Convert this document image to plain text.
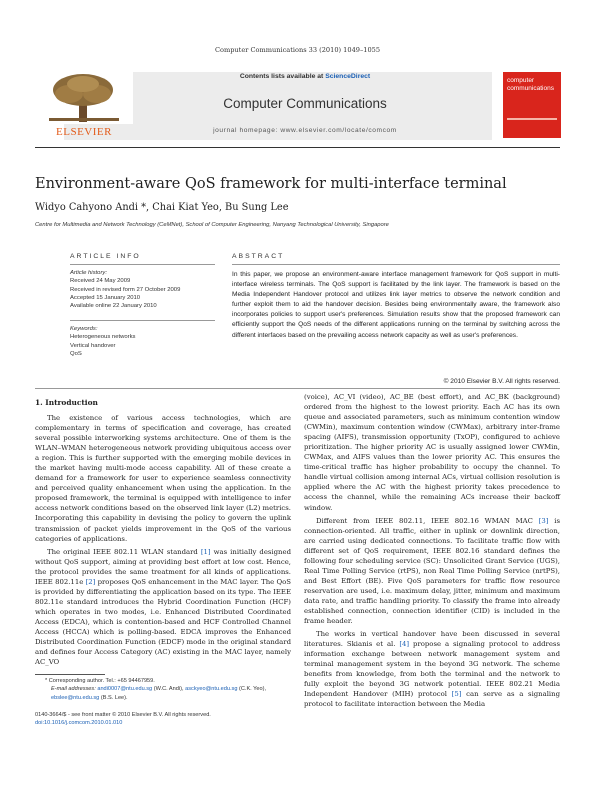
Computer Communications 33 (2010) 1049–1055
Contents lists available at ScienceDirect
Computer Communications
journal homepage: www.elsevier.com/locate/comcom
ELSEVIER
computer
communications
Environment-aware QoS framework for multi-interface terminal
Widyo Cahyono Andi *, Chai Kiat Yeo, Bu Sung Lee
Centre for Multimedia and Network Technology (CeMNet), School of Computer Engineering, Nanyang Technological University, Singapore
ARTICLE INFO	ABSTRACT
Article history:
Received 24 May 2009
Received in revised form 27 October 2009
Accepted 15 January 2010
Available online 22 January 2010
Keywords:
Heterogeneous networks
Vertical handover
QoS
In this paper, we propose an environment-aware interface management framework for QoS support in multi-interface wireless terminals. The QoS support is facilitated by the link layer. The framework is based on the Media Independent Handover protocol and utilizes link layer metrics to observe the network condition and further exploit them to aid the handover decision. Besides being environmentally aware, the framework also incorporates policies to support user's preferences. Simulation results show that the proposed framework can efficiently support the QoS needs of the different applications running on the terminal by switching across the different interfaces based on the prevailing access network capacity as well as user's preferences.
© 2010 Elsevier B.V. All rights reserved.
1. Introduction

The existence of various access technologies, which are complementary in terms of specification and coverage, has created several possible interworking systems architecture. One of them is the WLAN–WMAN heterogeneous network providing ubiquitous access over a region. This is further supported with the emerging mobile devices in the market having multi-mode access capability. All of these create a demand for a framework for user to experience seamless connectivity and perceived quality enhancement when using the application. In the proposed framework, the terminal is equipped with intelligence to infer access network conditions based on the observed link layer (L2) metrics. Incorporating this capability in devising the policy to govern the uplink transmission of packet yields improvement in the QoS of the various categories of applications.

The original IEEE 802.11 WLAN standard [1] was initially designed without QoS support, aiming at providing best effort at low cost. Hence, the protocol provides the same treatment for all kinds of applications. IEEE 802.11e [2] proposes QoS enhancement in the MAC layer. The QoS is provided by differentiating the application based on its type. The IEEE 802.11e standard introduces the Hybrid Coordination Function (HCF) which operates in two modes, i.e. Enhanced Distributed Coordinated Access (EDCA), which is contention-based and HCF Controlled Channel Access (HCCA) which is polling-based. EDCA improves the Enhanced Distributed Coordination Function (EDCF) mode in the original standard and defines four Access Category (AC) existing in the MAC layer, namely AC_VO

(voice), AC_VI (video), AC_BE (best effort), and AC_BK (background) ordered from the highest to the lowest priority. Each AC has its own queue and associated parameters, such as minimum contention window (CWMin), maximum contention window (CWMax), arbitrary inter-frame spacing (AIFS), transmission opportunity (TxOP), configured to achieve prioritization. The higher priority AC is usually assigned lower CWMin, CWMax, and AIFS values than the lower priority AC. This ensures the time-critical traffic has higher probability to occupy the channel. To handle virtual collision among internal ACs, virtual collision resolution is applied where the AC with the highest priority takes precedence to access the channel, while the remaining ACs increase their backoff window.

Different from IEEE 802.11, IEEE 802.16 WMAN MAC [3] is connection-oriented. All traffic, either in uplink or downlink direction, are carried using dedicated connections. To facilitate traffic flow with different set of QoS requirement, IEEE 802.16 standard defines the following four scheduling service (SC): Unsolicited Grant Service (UGS), Real Time Polling Service (rtPS), non Real Time Polling Service (nrtPS), and Best Effort (BE). Five QoS parameters for traffic flow resource reservation are used, i.e. maximum delay, jitter, minimum and maximum data rate, and traffic handling priority. To classify the frame into already established connection, connection identifier (CID) is included in the frame header.

The works in vertical handover have been discussed in several literatures. Skianis et al. [4] propose a signaling protocol to address information exchange between network management system and terminal management system in the beyond 3G network. The scheme benefits from knowledge, from both the terminal and the network to fully exploit the beyond 3G network potential. IEEE 802.21 Media Independent Handover (MIH) protocol [5] can serve as a signaling protocol to facilitate interaction between the Media

* Corresponding author. Tel.: +65 94467959.
E-mail addresses: andi0007@ntu.edu.sg (W.C. Andi), asckyeo@ntu.edu.sg (C.K. Yeo), ebslee@ntu.edu.sg (B.S. Lee).
0140-3664/$ - see front matter © 2010 Elsevier B.V. All rights reserved.
doi:10.1016/j.comcom.2010.01.010
